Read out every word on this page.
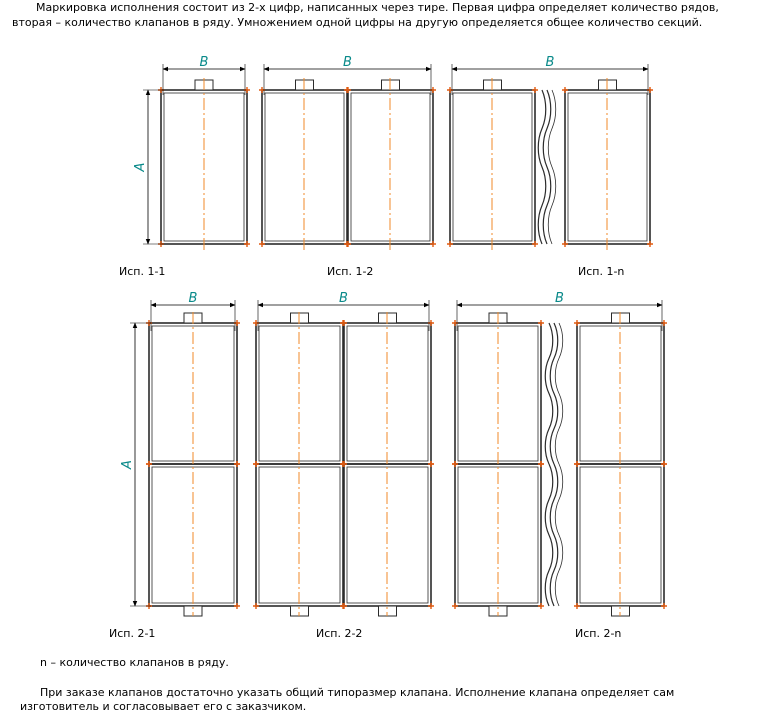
Маркировка исполнения состоит из 2-х цифр, написанных через тире. Первая цифра определяет количество рядов,
вторая – количество клапанов в ряду. Умножением одной цифры на другую определяется общее количество секций.
B
A
B	B
B
A
B	B
Исп. 1-1	Исп. 1-2	Исп. 1-n
Исп. 2-1	Исп. 2-2	Исп. 2-n
n – количество клапанов в ряду.
При заказе клапанов достаточно указать общий типоразмер клапана. Исполнение клапана определяет сам
изготовитель и согласовывает его с заказчиком.
